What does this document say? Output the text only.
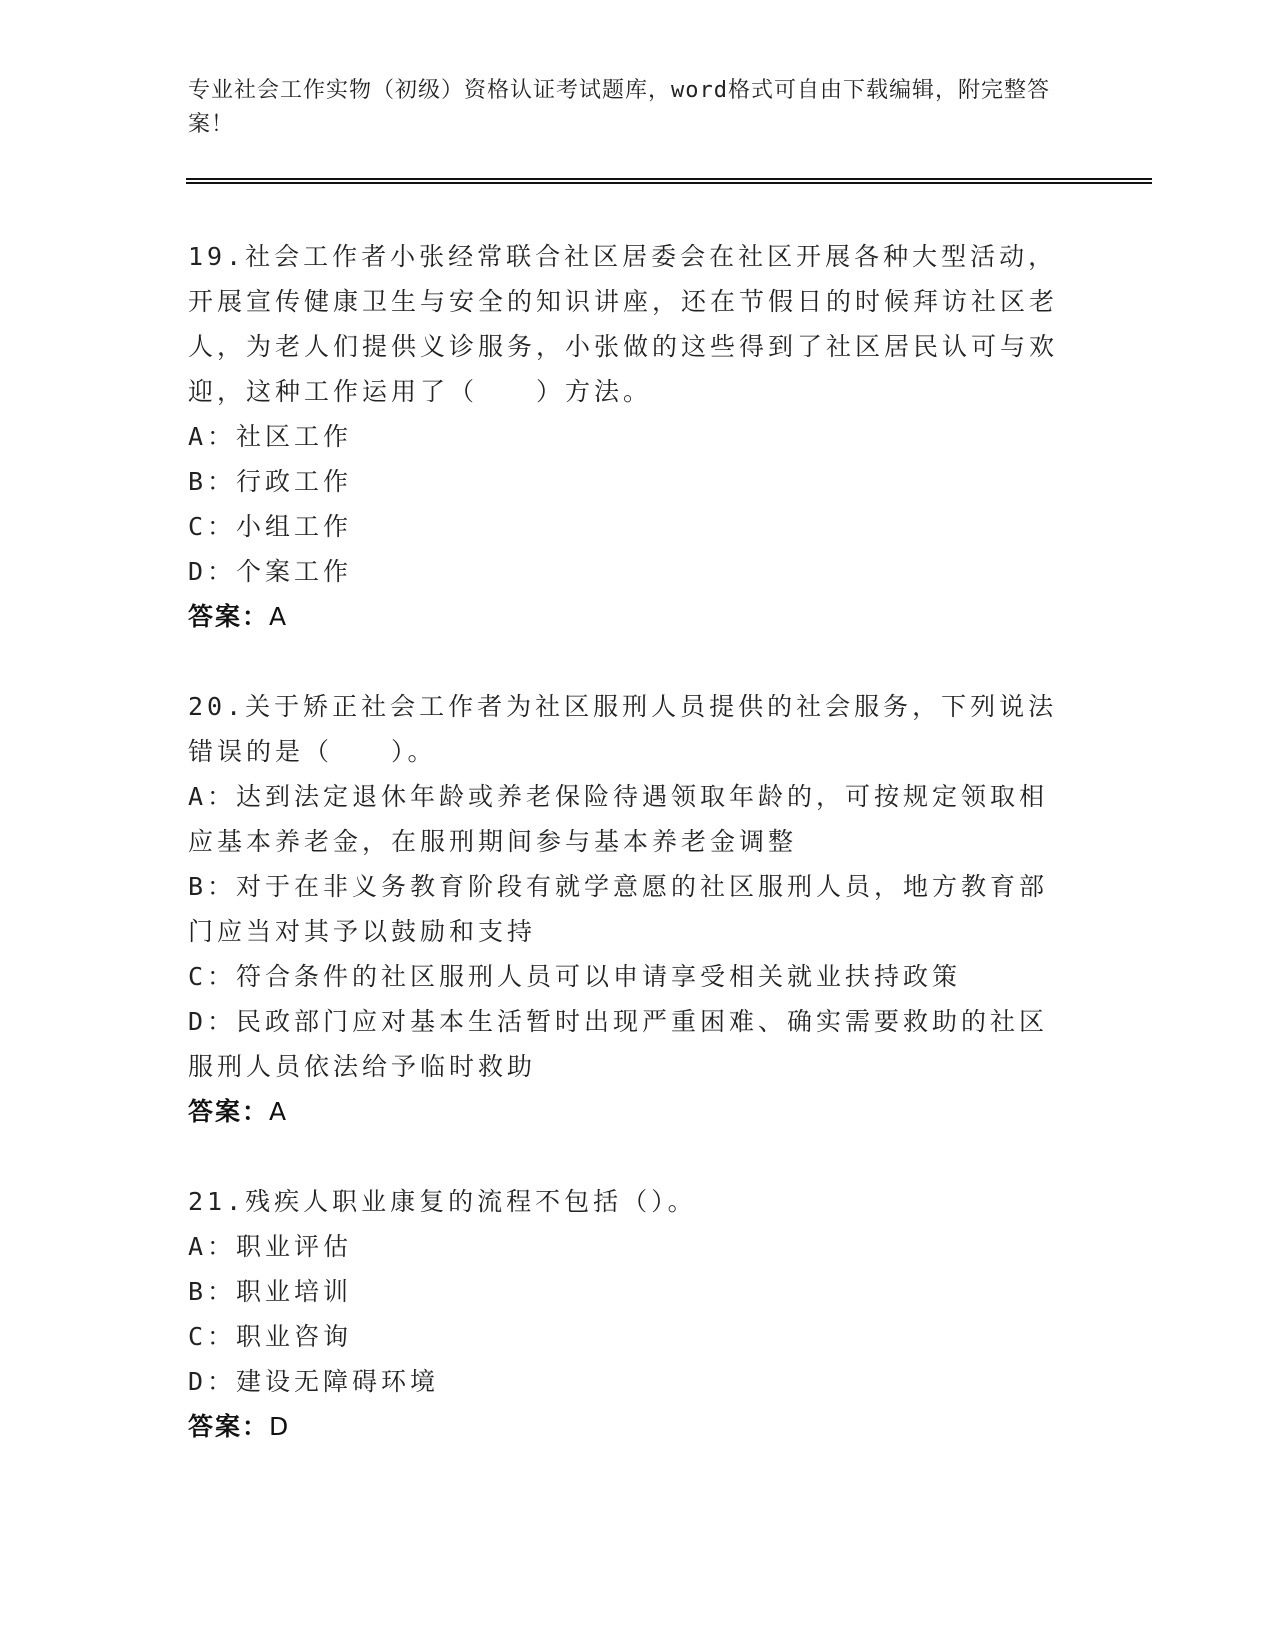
专业社会工作实物（初级）资格认证考试题库，word格式可自由下载编辑，附完整答案！

19.社会工作者小张经常联合社区居委会在社区开展各种大型活动，开展宣传健康卫生与安全的知识讲座，还在节假日的时候拜访社区老人，为老人们提供义诊服务，小张做的这些得到了社区居民认可与欢迎，这种工作运用了（　　）方法。

A：社区工作

B：行政工作

C：小组工作

D：个案工作

答案：A

20.关于矫正社会工作者为社区服刑人员提供的社会服务，下列说法错误的是（　　）。

A：达到法定退休年龄或养老保险待遇领取年龄的，可按规定领取相应基本养老金，在服刑期间参与基本养老金调整

B：对于在非义务教育阶段有就学意愿的社区服刑人员，地方教育部门应当对其予以鼓励和支持

C：符合条件的社区服刑人员可以申请享受相关就业扶持政策

D：民政部门应对基本生活暂时出现严重困难、确实需要救助的社区服刑人员依法给予临时救助

答案：A

21.残疾人职业康复的流程不包括（）。

A：职业评估

B：职业培训

C：职业咨询

D：建设无障碍环境

答案：D
